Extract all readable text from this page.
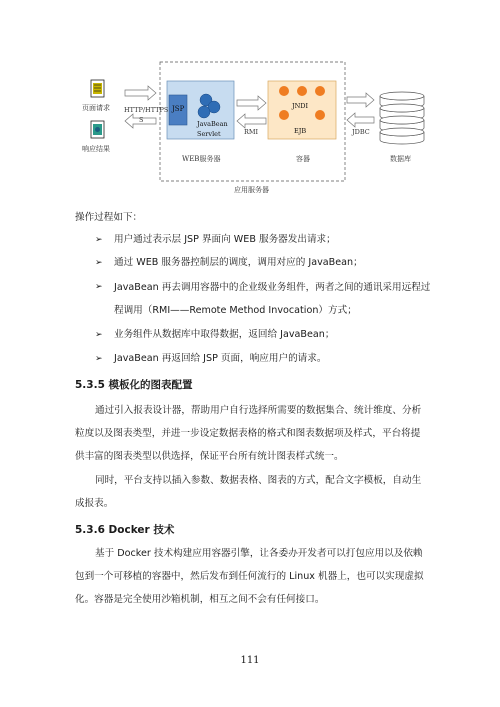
JSP
JavaBean
Servlet
WEB服务器
JNDI
EJB
容器
HTTP/HTTPS
S
RMI	JDBC
数据库
页面请求
响应结果
应用服务器
操作过程如下：
➢ 用户通过表示层 JSP 界面向 WEB 服务器发出请求；
➢ 通过 WEB 服务器控制层的调度，调用对应的 JavaBean；
➢ JavaBean 再去调用容器中的企业级业务组件，两者之间的通讯采用远程过程调用（RMI——Remote Method Invocation）方式；
➢ 业务组件从数据库中取得数据，返回给 JavaBean；
➢ JavaBean 再返回给 JSP 页面，响应用户的请求。
5.3.5 模板化的图表配置

通过引入报表设计器，帮助用户自行选择所需要的数据集合、统计维度、分析粒度以及图表类型，并进一步设定数据表格的格式和图表数据项及样式，平台将提供丰富的图表类型以供选择，保证平台所有统计图表样式统一。

同时，平台支持以插入参数、数据表格、图表的方式，配合文字模板，自动生成报表。

5.3.6 Docker 技术

基于 Docker 技术构建应用容器引擎，让各委办开发者可以打包应用以及依赖包到一个可移植的容器中，然后发布到任何流行的 Linux 机器上，也可以实现虚拟化。容器是完全使用沙箱机制，相互之间不会有任何接口。

111
